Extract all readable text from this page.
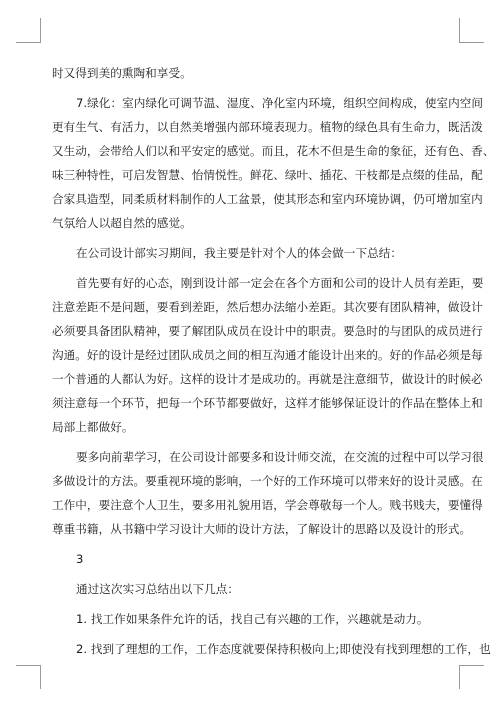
时又得到美的熏陶和享受。
7.绿化：室内绿化可调节温、湿度、净化室内环境，组织空间构成，使室内空间
更有生气、有活力，以自然美增强内部环境表现力。植物的绿色具有生命力，既活泼
又生动，会带给人们以和平安定的感觉。而且，花木不但是生命的象征，还有色、香、
味三种特性，可启发智慧、怡情悦性。鲜花、绿叶、插花、干枝都是点缀的佳品，配
合家具造型，同柔质材料制作的人工盆景，使其形态和室内环境协调，仍可增加室内
气氛给人以超自然的感觉。
在公司设计部实习期间，我主要是针对个人的体会做一下总结：
首先要有好的心态，刚到设计部一定会在各个方面和公司的设计人员有差距，要
注意差距不是问题，要看到差距，然后想办法缩小差距。其次要有团队精神，做设计
必须要具备团队精神，要了解团队成员在设计中的职责。要急时的与团队的成员进行
沟通。好的设计是经过团队成员之间的相互沟通才能设计出来的。好的作品必须是每
一个普通的人都认为好。这样的设计才是成功的。再就是注意细节，做设计的时候必
须注意每一个环节，把每一个环节都要做好，这样才能够保证设计的作品在整体上和
局部上都做好。
要多向前辈学习，在公司设计部要多和设计师交流，在交流的过程中可以学习很
多做设计的方法。要重视环境的影响，一个好的工作环境可以带来好的设计灵感。在
工作中，要注意个人卫生，要多用礼貌用语，学会尊敬每一个人。贱书贱夫，要懂得
尊重书籍，从书籍中学习设计大师的设计方法，了解设计的思路以及设计的形式。
3
通过这次实习总结出以下几点：
1. 找工作如果条件允许的话，找自己有兴趣的工作，兴趣就是动力。
2. 找到了理想的工作，工作态度就要保持积极向上;即使没有找到理想的工作，也
